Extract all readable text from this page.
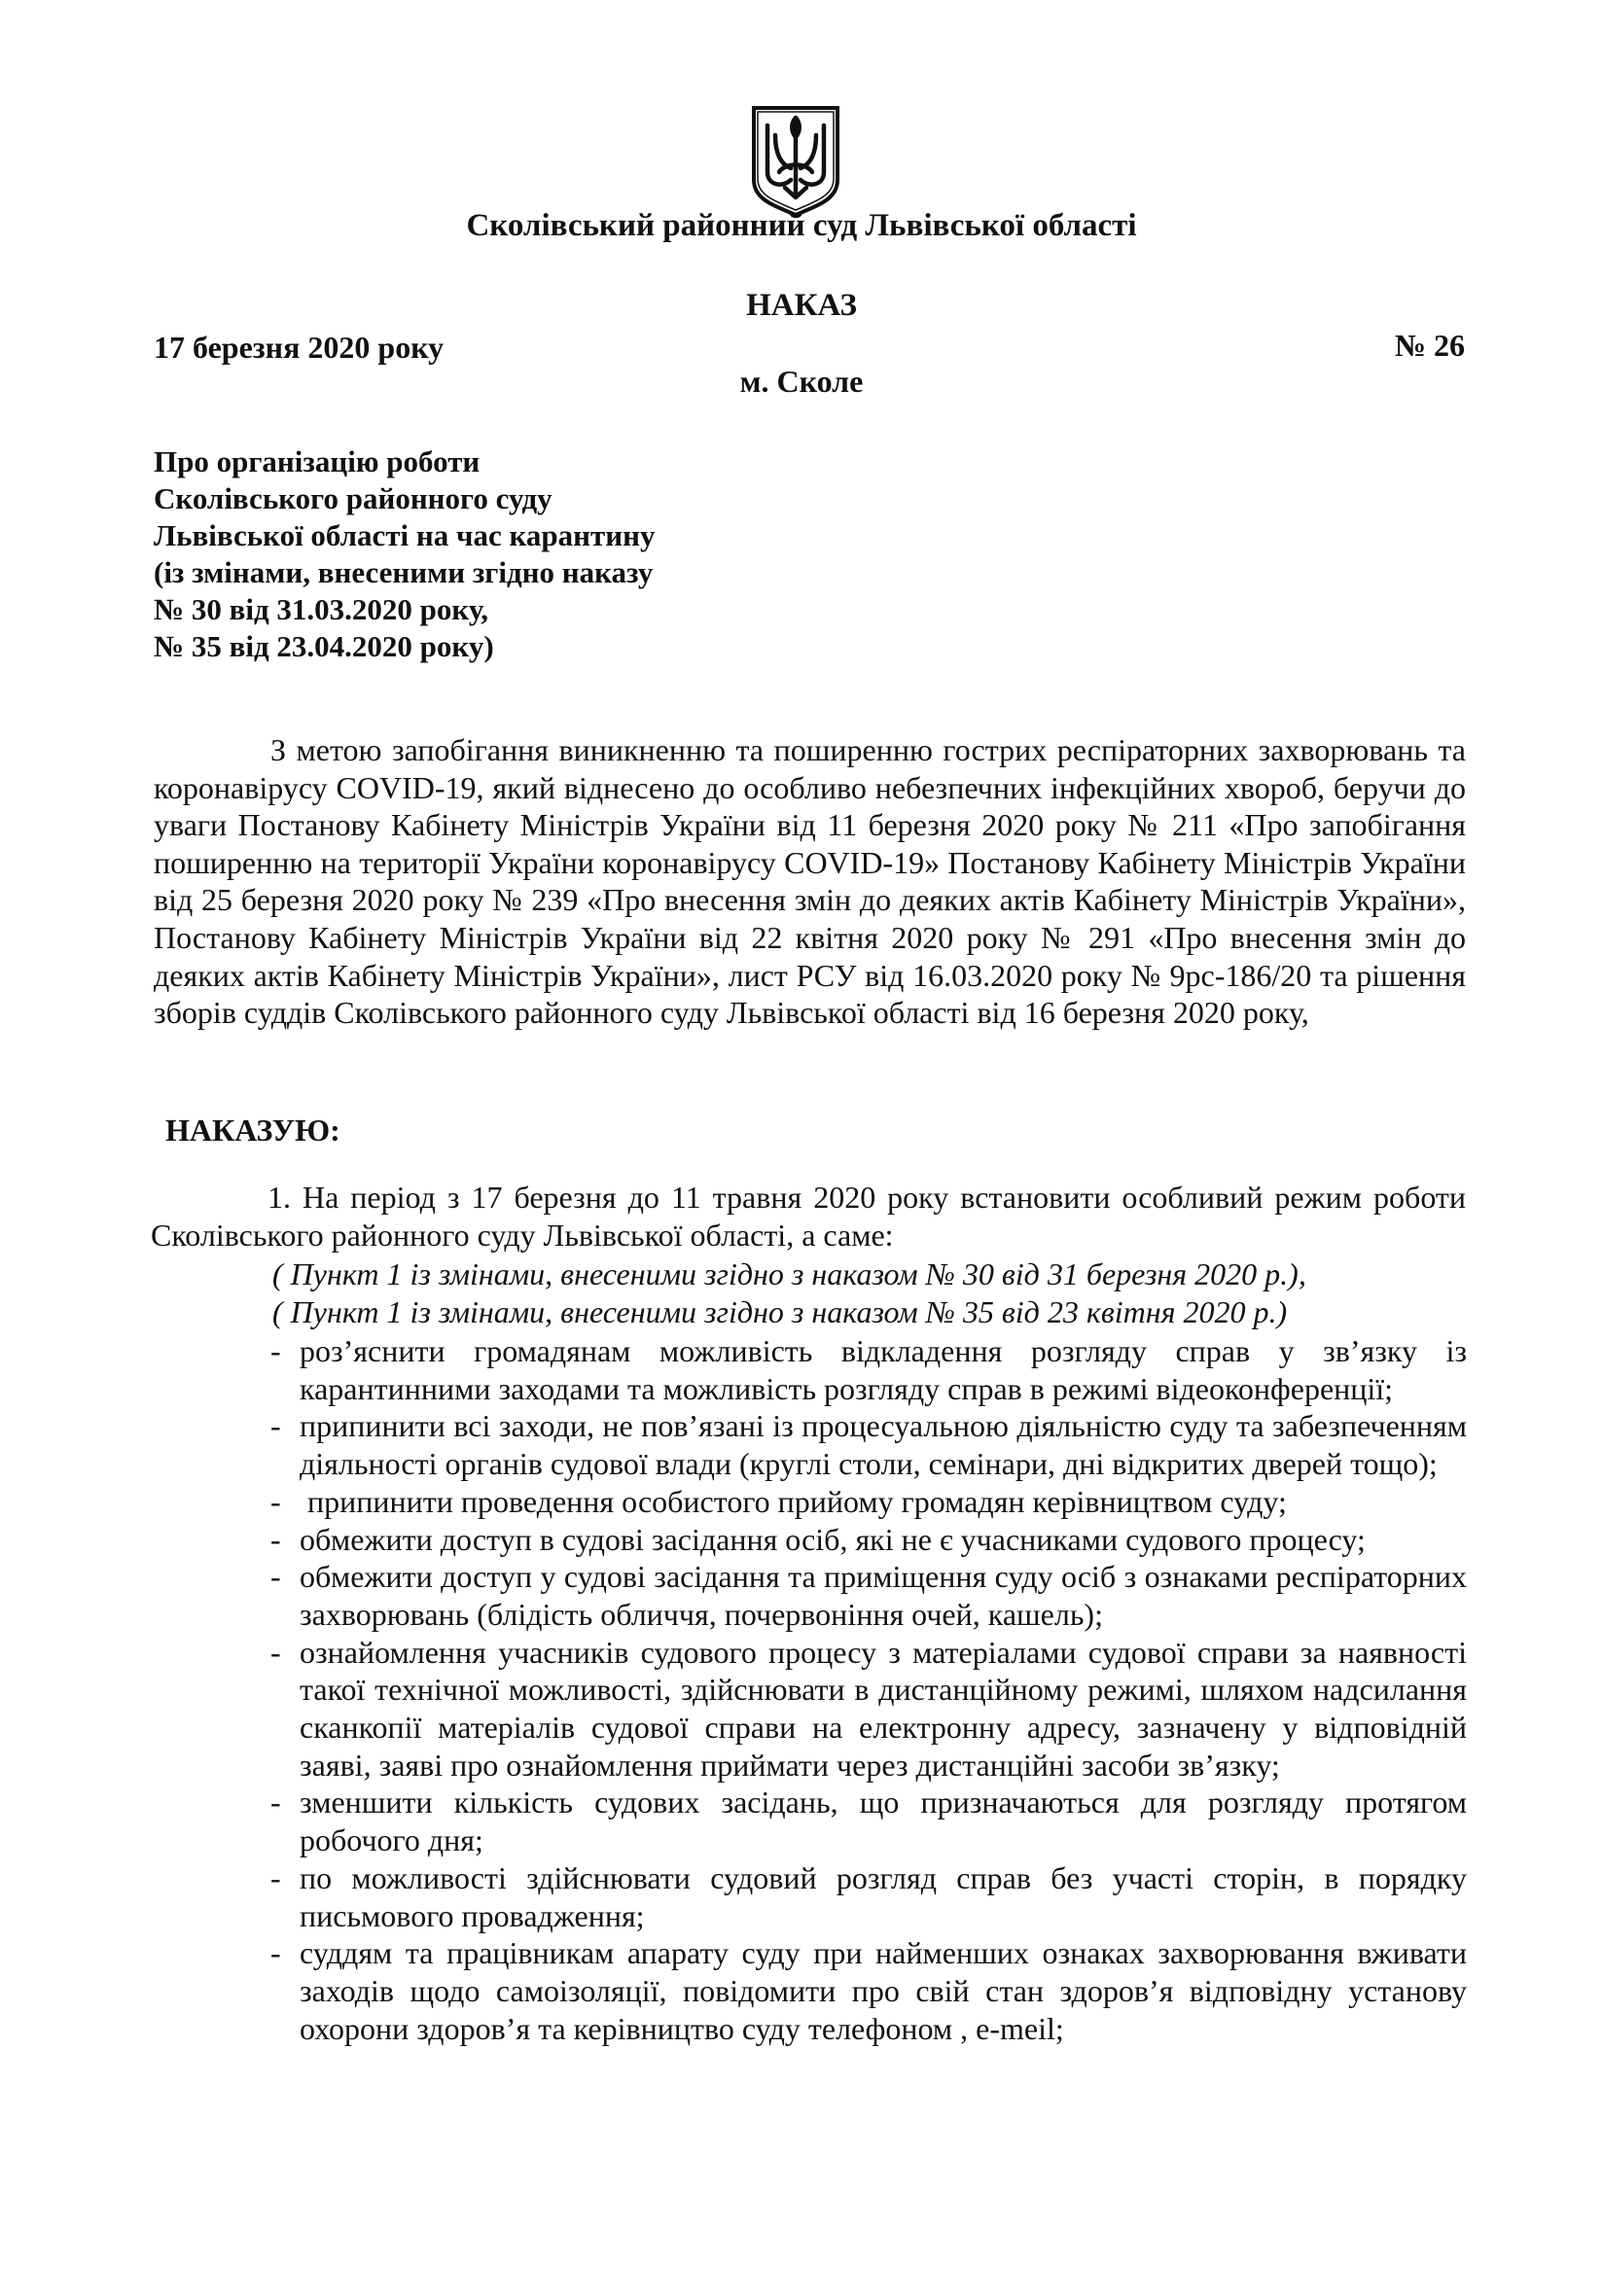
Сколівський районний суд Львівської області
НАКАЗ
17 березня 2020 року	№ 26
м. Сколе
Про організацію роботи
Сколівського районного суду
Львівської області на час карантину
(із змінами, внесеними згідно наказу
№ 30 від 31.03.2020 року,
№ 35 від 23.04.2020 року)
З метою запобігання виникненню та поширенню гострих респіраторних захворювань та коронавірусу COVID-19, який віднесено до особливо небезпечних інфекційних хвороб, беручи до уваги Постанову Кабінету Міністрів України від 11 березня 2020 року № 211 «Про запобігання поширенню на території України коронавірусу COVID-19» Постанову Кабінету Міністрів України від 25 березня 2020 року № 239 «Про внесення змін до деяких актів Кабінету Міністрів України», Постанову Кабінету Міністрів України від 22 квітня 2020 року № 291 «Про внесення змін до деяких актів Кабінету Міністрів України», лист РСУ від 16.03.2020 року № 9рс-186/20 та рішення зборів суддів Сколівського районного суду Львівської області від 16 березня 2020 року,
НАКАЗУЮ:
1. На період з 17 березня до 11 травня 2020 року встановити особливий режим роботи Сколівського районного суду Львівської області, а саме:
( Пункт 1 із змінами, внесеними згідно з наказом № 30 від 31 березня 2020 р.),
( Пункт 1 із змінами, внесеними згідно з наказом № 35 від 23 квітня 2020 р.)
- роз’яснити громадянам можливість відкладення розгляду справ у зв’язку із карантинними заходами та можливість розгляду справ в режимі відеоконференції;
- припинити всі заходи, не пов’язані із процесуальною діяльністю суду та забезпеченням діяльності органів судової влади (круглі столи, семінари, дні відкритих дверей тощо);
- припинити проведення особистого прийому громадян керівництвом суду;
- обмежити доступ в судові засідання осіб, які не є учасниками судового процесу;
- обмежити доступ у судові засідання та приміщення суду осіб з ознаками респіраторних захворювань (блідість обличчя, почервоніння очей, кашель);
- ознайомлення учасників судового процесу з матеріалами судової справи за наявності такої технічної можливості, здійснювати в дистанційному режимі, шляхом надсилання сканкопії матеріалів судової справи на електронну адресу, зазначену у відповідній заяві, заяві про ознайомлення приймати через дистанційні засоби зв’язку;
- зменшити кількість судових засідань, що призначаються для розгляду протягом робочого дня;
- по можливості здійснювати судовий розгляд справ без участі сторін, в порядку письмового провадження;
- суддям та працівникам апарату суду при найменших ознаках захворювання вживати заходів щодо самоізоляції, повідомити про свій стан здоров’я відповідну установу охорони здоров’я та керівництво суду телефоном , e-meil;
